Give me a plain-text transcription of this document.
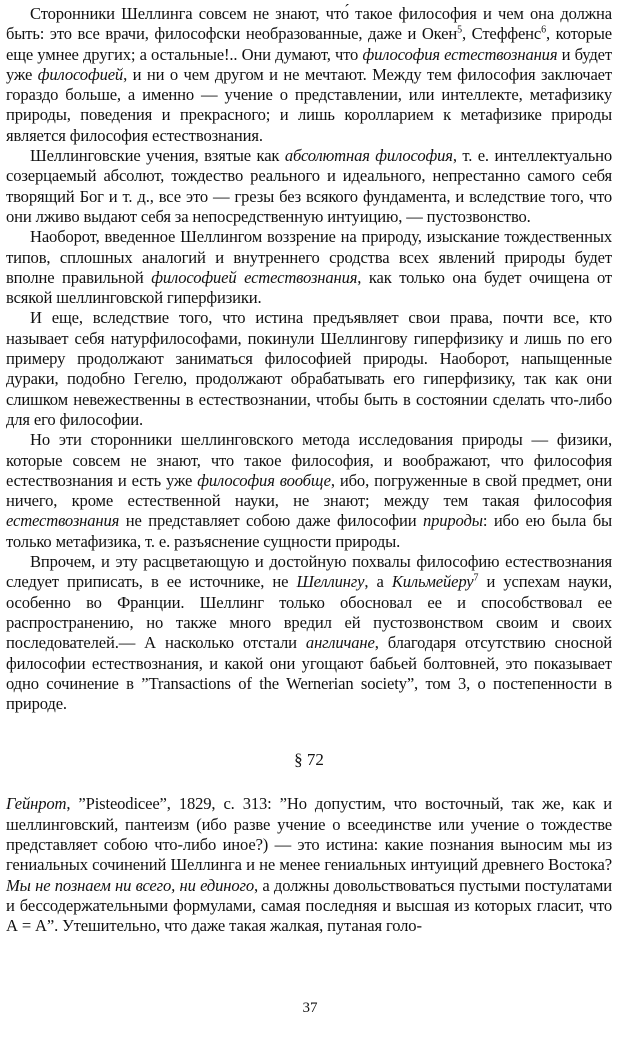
Сторонники Шеллинга совсем не знают, что́ такое философия и чем она должна быть: это все врачи, философски необразованные, даже и Окен$^5$, Стеффенс$^6$, которые еще умнее других; а остальные!.. Они думают, что философия естествознания и будет уже философией, и ни о чем другом и не мечтают. Между тем философия заключает гораздо больше, а именно — учение о представлении, или интеллекте, метафизику природы, поведения и прекрасного; и лишь королларием к метафизике природы является философия естествознания.

Шеллинговские учения, взятые как абсолютная философия, т. е. интеллектуально созерцаемый абсолют, тождество реального и идеального, непрестанно самого себя творящий Бог и т. д., все это — грезы без всякого фундамента, и вследствие того, что они лживо выдают себя за непосредственную интуицию, — пустозвонство.

Наоборот, введенное Шеллингом воззрение на природу, изыскание тождественных типов, сплошных аналогий и внутреннего сродства всех явлений природы будет вполне правильной философией естествознания, как только она будет очищена от всякой шеллинговской гиперфизики.

И еще, вследствие того, что истина предъявляет свои права, почти все, кто называет себя натурфилософами, покинули Шеллингову гиперфизику и лишь по его примеру продолжают заниматься философией природы. Наоборот, напыщенные дураки, подобно Гегелю, продолжают обрабатывать его гиперфизику, так как они слишком невежественны в естествознании, чтобы быть в состоянии сделать что-либо для его философии.

Но эти сторонники шеллинговского метода исследования природы — физики, которые совсем не знают, что такое философия, и воображают, что философия естествознания и есть уже философия вообще, ибо, погруженные в свой предмет, они ничего, кроме естественной науки, не знают; между тем такая философия естествознания не представляет собою даже философии природы: ибо ею была бы только метафизика, т. е. разъяснение сущности природы.

Впрочем, и эту расцветающую и достойную похвалы философию естествознания следует приписать, в ее источнике, не Шеллингу, а Кильмейеру$^7$ и успехам науки, особенно во Франции. Шеллинг только обосновал ее и способствовал ее распространению, но также много вредил ей пустозвонством своим и своих последователей.— А насколько отстали англичане, благодаря отсутствию сносной философии естествознания, и какой они угощают бабьей болтовней, это показывает одно сочинение в ”Transactions of the Wernerian society”, том 3, о постепенности в природе.

§ 72

Гейнрот, ”Pisteodicee”, 1829, с. 313: ”Но допустим, что восточный, так же, как и шеллинговский, пантеизм (ибо разве учение о всеединстве или учение о тождестве представляет собою что-либо иное?) — это истина: какие познания выносим мы из гениальных сочинений Шеллинга и не менее гениальных интуиций древнего Востока? Мы не познаем ни всего, ни единого, а должны довольствоваться пустыми постулатами и бессодержательными формулами, самая последняя и высшая из которых гласит, что А = А”. Утешительно, что даже такая жалкая, путаная голо-

37
